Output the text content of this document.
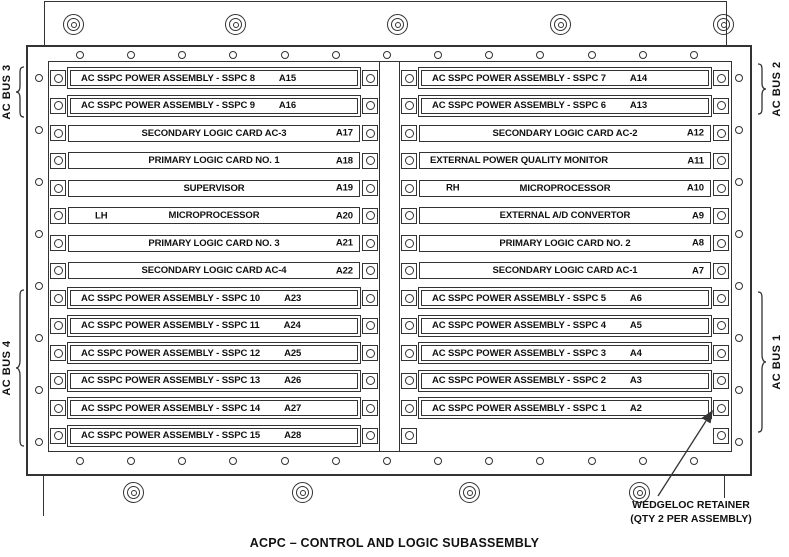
AC SSPC POWER ASSEMBLY - SSPC 8	A15
AC SSPC POWER ASSEMBLY - SSPC 9	A16
SECONDARY LOGIC CARD AC-3	A17
PRIMARY LOGIC CARD NO. 1	A18
SUPERVISOR	A19
LH	MICROPROCESSOR	A20
PRIMARY LOGIC CARD NO. 3	A21
SECONDARY LOGIC CARD AC-4	A22
AC SSPC POWER ASSEMBLY - SSPC 10	A23
AC SSPC POWER ASSEMBLY - SSPC 11	A24
AC SSPC POWER ASSEMBLY - SSPC 12	A25
AC SSPC POWER ASSEMBLY - SSPC 13	A26
AC SSPC POWER ASSEMBLY - SSPC 14	A27
AC SSPC POWER ASSEMBLY - SSPC 15	A28
AC SSPC POWER ASSEMBLY - SSPC 7	A14
AC SSPC POWER ASSEMBLY - SSPC 6	A13
SECONDARY LOGIC CARD AC-2	A12
EXTERNAL POWER QUALITY MONITOR	A11
RH	MICROPROCESSOR	A10
EXTERNAL A/D CONVERTOR	A9
PRIMARY LOGIC CARD NO. 2	A8
SECONDARY LOGIC CARD AC-1	A7
AC SSPC POWER ASSEMBLY - SSPC 5	A6
AC SSPC POWER ASSEMBLY - SSPC 4	A5
AC SSPC POWER ASSEMBLY - SSPC 3	A4
AC SSPC POWER ASSEMBLY - SSPC 2	A3
AC SSPC POWER ASSEMBLY - SSPC 1	A2
AC BUS 3
AC BUS 4
AC BUS 2
AC BUS 1
WEDGELOC RETAINER
(QTY 2 PER ASSEMBLY)
ACPC – CONTROL AND LOGIC SUBASSEMBLY
